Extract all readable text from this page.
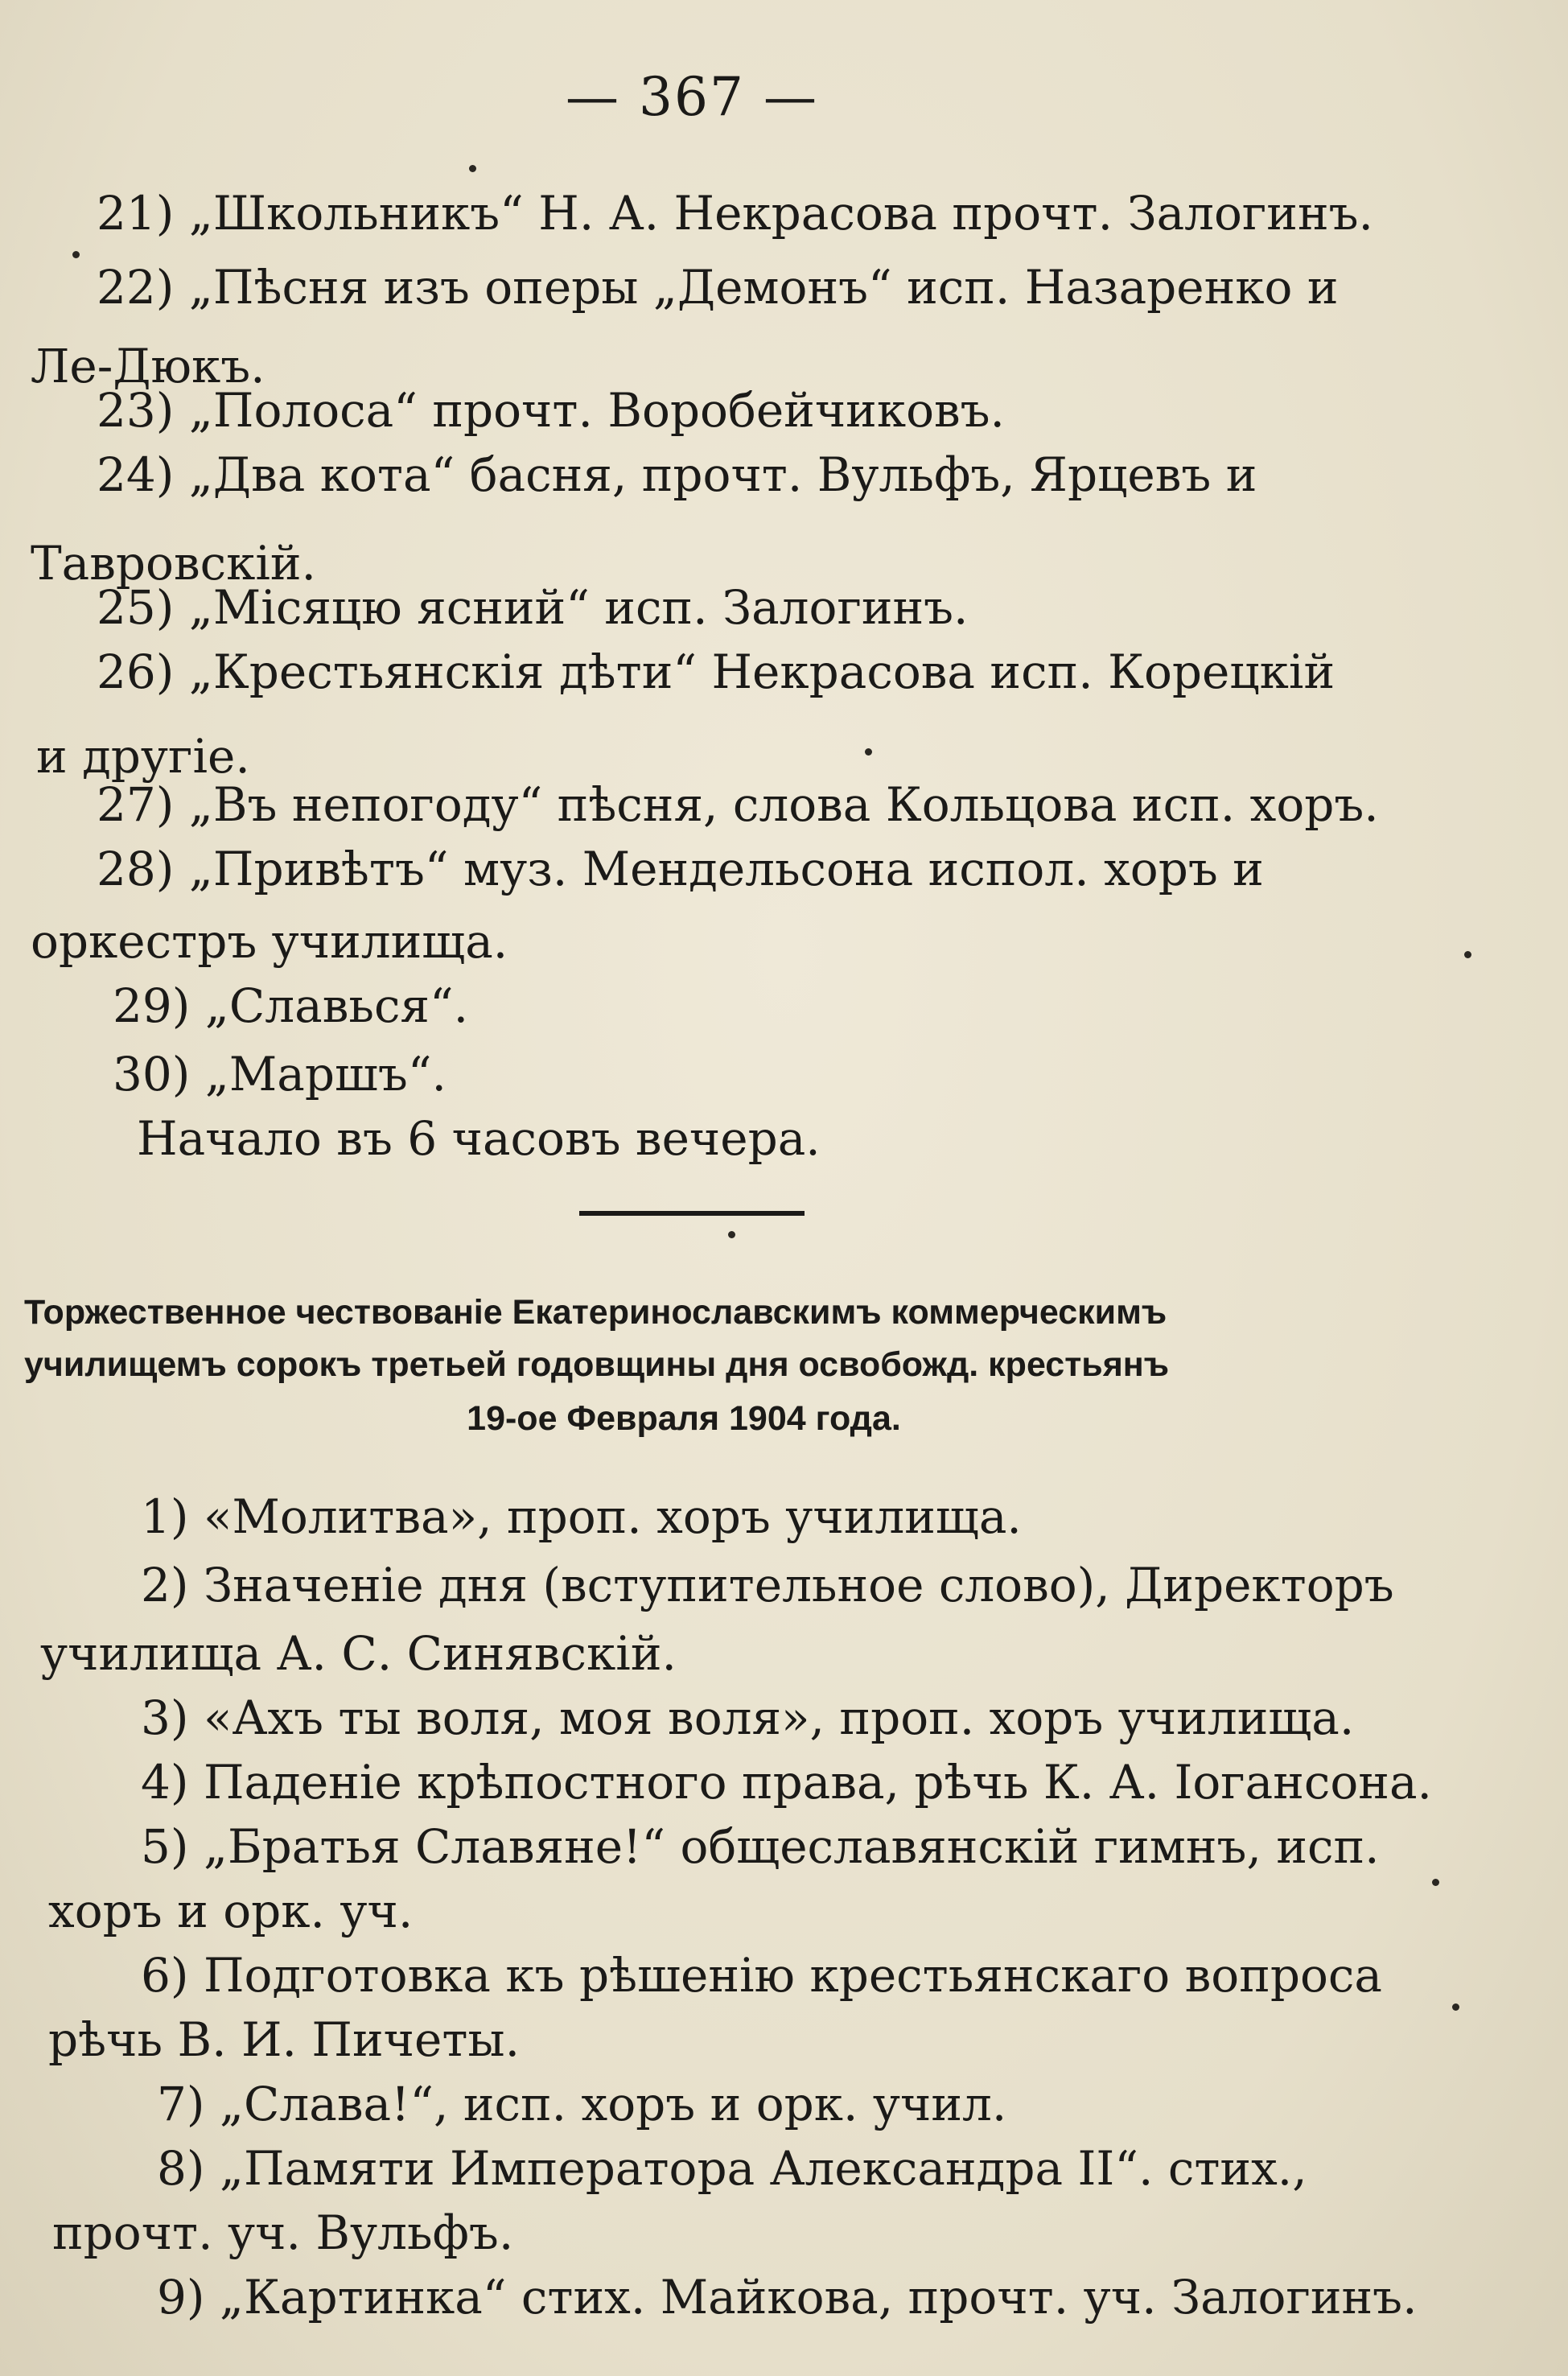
— 367 —
21) „Школьникъ“ Н. А. Некрасова прочт. Залогинъ.
22) „Пѣсня изъ оперы „Демонъ“ исп. Назаренко и
Ле-Дюкъ.
23) „Полоса“ прочт. Воробейчиковъ.
24) „Два кота“ басня, прочт. Вульфъ, Ярцевъ и
Тавровскій.
25) „Місяцю ясний“ исп. Залогинъ.
26) „Крестьянскія дѣти“ Некрасова исп. Корецкій
и другіе.
27) „Въ непогоду“ пѣсня, слова Кольцова исп. хоръ.
28) „Привѣтъ“ муз. Мендельсона испол. хоръ и
оркестръ училища.
29) „Славься“.
30) „Маршъ“.
Начало въ 6 часовъ вечера.
Торжественное чествованіе Екатеринославскимъ коммерческимъ
училищемъ сорокъ третьей годовщины дня освобожд. крестьянъ
19-ое Февраля 1904 года.
1) «Молитва», проп. хоръ училища.
2) Значеніе дня (вступительное слово), Директоръ
училища А. С. Синявскій.
3) «Ахъ ты воля, моя воля», проп. хоръ училища.
4) Паденіе крѣпостного права, рѣчь К. А. Іогансона.
5) „Братья Славяне!“ общеславянскій гимнъ, исп.
хоръ и орк. уч.
6) Подготовка къ рѣшенію крестьянскаго вопроса
рѣчь В. И. Пичеты.
7) „Слава!“, исп. хоръ и орк. учил.
8) „Памяти Императора Александра II“. стих.,
прочт. уч. Вульфъ.
9) „Картинка“ стих. Майкова, прочт. уч. Залогинъ.
